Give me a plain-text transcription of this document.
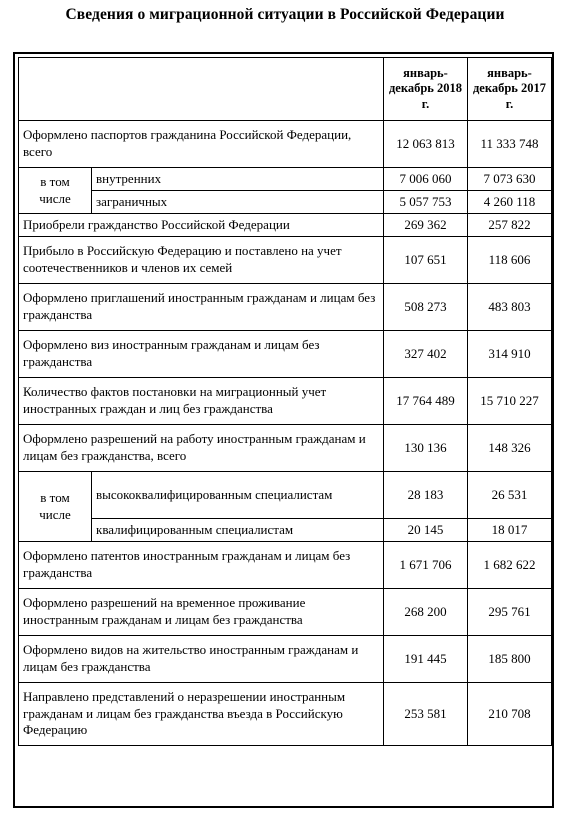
Сведения о миграционной ситуации в Российской Федерации
		январь-декабрь 2018 г.	январь-декабрь 2017 г.
Оформлено паспортов гражданина Российской Федерации, всего		12 063 813	11 333 748
в том числе	внутренних	7 006 060	7 073 630
	заграничных	5 057 753	4 260 118
Приобрели гражданство Российской Федерации		269 362	257 822
Прибыло в Российскую Федерацию и поставлено на учет соотечественников и членов их семей		107 651	118 606
Оформлено приглашений иностранным гражданам и лицам без гражданства		508 273	483 803
Оформлено виз иностранным гражданам и лицам без гражданства		327 402	314 910
Количество фактов постановки на миграционный учет иностранных граждан и лиц без гражданства		17 764 489	15 710 227
Оформлено разрешений на работу иностранным гражданам и лицам без гражданства, всего		130 136	148 326
в том числе	высококвалифицированным специалистам	28 183	26 531
	квалифицированным специалистам	20 145	18 017
Оформлено патентов иностранным гражданам и лицам без гражданства		1 671 706	1 682 622
Оформлено разрешений на временное проживание иностранным гражданам и лицам без гражданства		268 200	295 761
Оформлено видов на жительство иностранным гражданам и лицам без гражданства		191 445	185 800
Направлено представлений о неразрешении иностранным гражданам и лицам без гражданства въезда в Российскую Федерацию		253 581	210 708
